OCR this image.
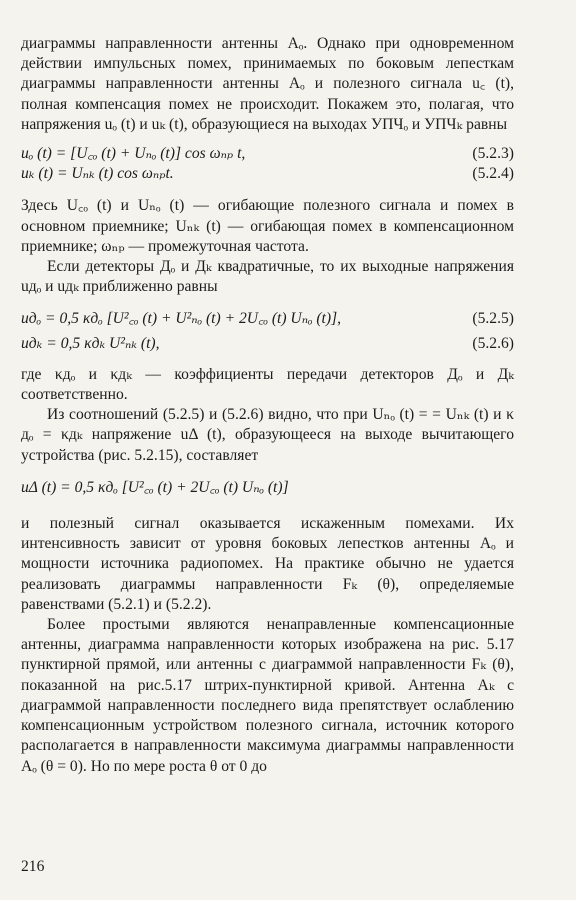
диаграммы направленности антенны Aₒ. Однако при одновременном действии импульсных помех, принимаемых по боковым лепесткам диаграммы направленности антенны Aₒ и полезного сигнала u꜀ (t), полная компенсация помех не происходит. Покажем это, полагая, что напряжения uₒ (t) и uₖ (t), образующиеся на выходах УПЧₒ и УПЧₖ равны

uₒ (t) = [U꜀ₒ (t) + Uₙₒ (t)] cos ωₙₚ t,	(5.2.3)
uₖ (t) = Uₙₖ (t) cos ωₙₚt.	(5.2.4)

Здесь U꜀ₒ (t) и Uₙₒ (t) — огибающие полезного сигнала и помех в основном приемнике; Uₙₖ (t) — огибающая помех в компенсационном приемнике; ωₙₚ — промежуточная частота.

Если детекторы Дₒ и Дₖ квадратичные, то их выходные напряжения uдₒ и uдₖ приближенно равны

uдₒ = 0,5 κдₒ [U²꜀ₒ (t) + U²ₙₒ (t) + 2U꜀ₒ (t) Uₙₒ (t)],	(5.2.5)
uдₖ = 0,5 κдₖ U²ₙₖ (t),	(5.2.6)

где κдₒ и κдₖ — коэффициенты передачи детекторов Дₒ и Дₖ соответственно.

Из соотношений (5.2.5) и (5.2.6) видно, что при Uₙₒ (t) = = Uₙₖ (t) и κ дₒ = κдₖ напряжение uΔ (t), образующееся на выходе вычитающего устройства (рис. 5.2.15), составляет

uΔ (t) = 0,5 κдₒ [U²꜀ₒ (t) + 2U꜀ₒ (t) Uₙₒ (t)]

и полезный сигнал оказывается искаженным помехами. Их интенсивность зависит от уровня боковых лепестков антенны Aₒ и мощности источника радиопомех. На практике обычно не удается реализовать диаграммы направленности Fₖ (θ), определяемые равенствами (5.2.1) и (5.2.2).

Более простыми являются ненаправленные компенсационные антенны, диаграмма направленности которых изображена на рис. 5.17 пунктирной прямой, или антенны с диаграммой направленности Fₖ (θ), показанной на рис.5.17 штрих-пунктирной кривой. Антенна Aₖ с диаграммой направленности последнего вида препятствует ослаблению компенсационным устройством полезного сигнала, источник которого располагается в направленности максимума диаграммы направленности Aₒ (θ = 0). Но по мере роста θ от 0 до

216
